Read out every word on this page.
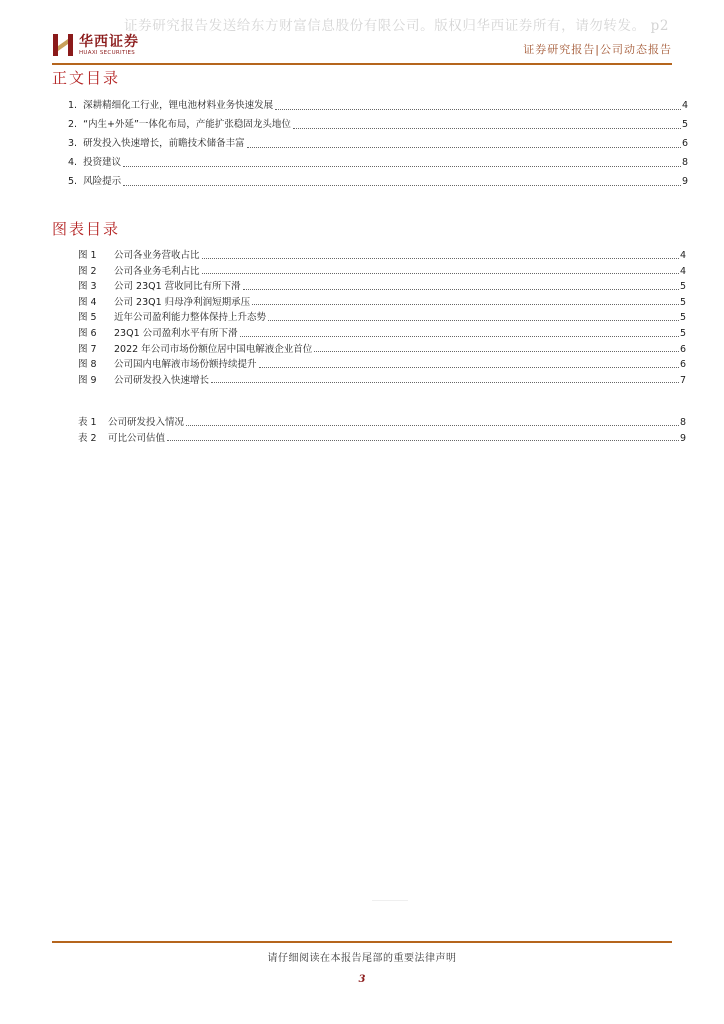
证券研究报告发送给东方财富信息股份有限公司。版权归华西证券所有，请勿转发。 p2
华西证券
HUAXI SECURITIES	证券研究报告|公司动态报告
正文目录
1. 深耕精细化工行业，锂电池材料业务快速发展	4
2. “内生+外延”一体化布局，产能扩张稳固龙头地位	5
3. 研发投入快速增长，前瞻技术储备丰富	6
4. 投资建议	8
5. 风险提示	9
图表目录
图 1	公司各业务营收占比	4
图 2	公司各业务毛利占比	4
图 3	公司 23Q1 营收同比有所下滑	5
图 4	公司 23Q1 归母净利润短期承压	5
图 5	近年公司盈利能力整体保持上升态势	5
图 6	23Q1 公司盈利水平有所下滑	5
图 7	2022 年公司市场份额位居中国电解液企业首位	6
图 8	公司国内电解液市场份额持续提升	6
图 9	公司研发投入快速增长	7
表 1	公司研发投入情况	8
表 2	可比公司估值	9
请仔细阅读在本报告尾部的重要法律声明
3
